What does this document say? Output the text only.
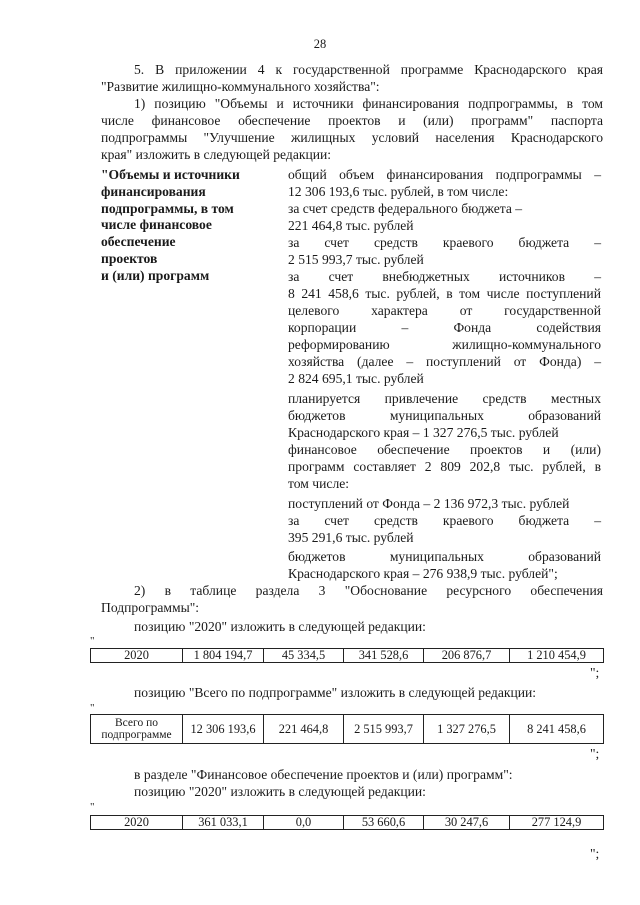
28
5. В приложении 4 к государственной программе Краснодарского края
"Развитие жилищно-коммунального хозяйства":
1) позицию "Объемы и источники финансирования подпрограммы, в том
числе финансовое обеспечение проектов и (или) программ" паспорта
подпрограммы "Улучшение жилищных условий населения Краснодарского
края" изложить в следующей редакции:
"Объемы и источники
финансирования
подпрограммы, в том
числе финансовое
обеспечение
проектов
и (или) программ
общий объем финансирования подпрограммы –
12 306 193,6 тыс. рублей, в том числе:
за счет средств федерального бюджета –
221 464,8 тыс. рублей
за счет средств краевого бюджета –
2 515 993,7 тыс. рублей
за счет внебюджетных источников –
8 241 458,6 тыс. рублей, в том числе поступлений
целевого характера от государственной
корпорации – Фонда содействия
реформированию жилищно-коммунального
хозяйства (далее – поступлений от Фонда) –
2 824 695,1 тыс. рублей
планируется привлечение средств местных
бюджетов муниципальных образований
Краснодарского края – 1 327 276,5 тыс. рублей
финансовое обеспечение проектов и (или)
программ составляет 2 809 202,8 тыс. рублей, в
том числе:
поступлений от Фонда – 2 136 972,3 тыс. рублей
за счет средств краевого бюджета –
395 291,6 тыс. рублей
бюджетов муниципальных образований
Краснодарского края – 276 938,9 тыс. рублей";
2) в таблице раздела 3 "Обоснование ресурсного обеспечения
Подпрограммы":
позицию "2020" изложить в следующей редакции:
"
2020	1 804 194,7	45 334,5	341 528,6	206 876,7	1 210 454,9
";
позицию "Всего по подпрограмме" изложить в следующей редакции:
"
Всего по подпрограмме	12 306 193,6	221 464,8	2 515 993,7	1 327 276,5	8 241 458,6
";
в разделе "Финансовое обеспечение проектов и (или) программ":
позицию "2020" изложить в следующей редакции:
"
2020	361 033,1	0,0	53 660,6	30 247,6	277 124,9
";
